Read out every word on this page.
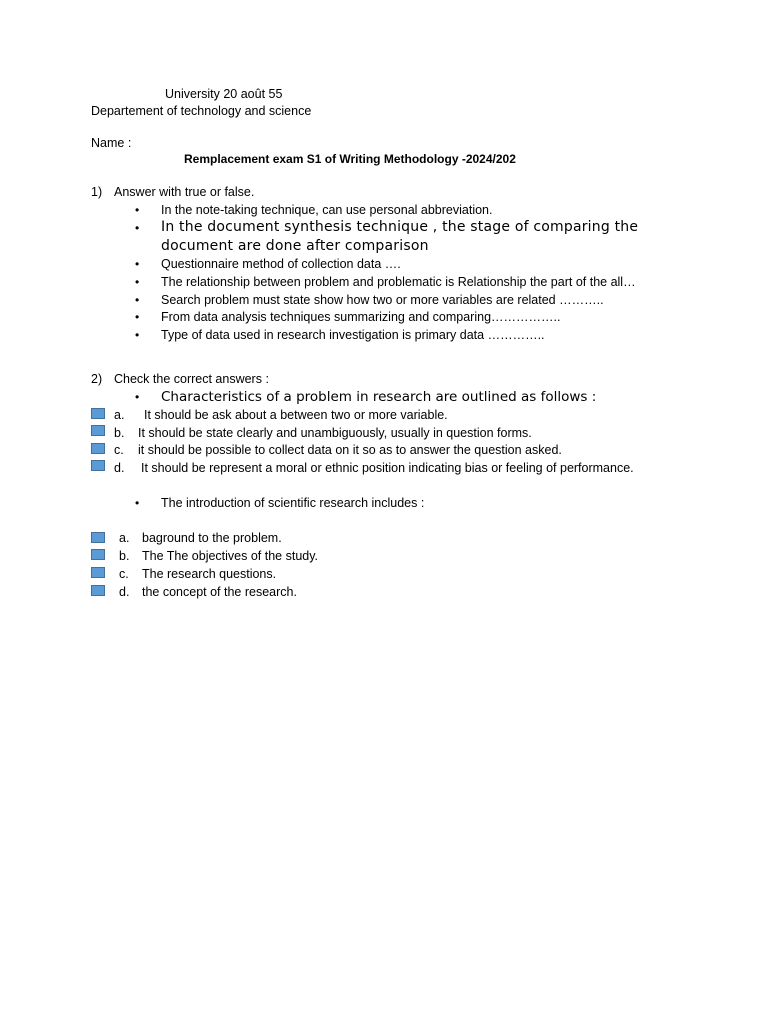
University 20 août 55
Departement of technology and science
Name :
Remplacement exam S1 of Writing Methodology -2024/202
1) Answer with true or false.
• In the note-taking technique, can use personal abbreviation.
• In the document synthesis technique , the stage of comparing the
document are done after comparison
• Questionnaire method of collection data ….
• The relationship between problem and problematic is Relationship the part of the all…
• Search problem must state show how two or more variables are related ………..
• From data analysis techniques summarizing and comparing……………..
• Type of data used in research investigation is primary data …………..
2) Check the correct answers :
• Characteristics of a problem in research are outlined as follows :
a. It should be ask about a between two or more variable.
b. It should be state clearly and unambiguously, usually in question forms.
c. it should be possible to collect data on it so as to answer the question asked.
d. It should be represent a moral or ethnic position indicating bias or feeling of performance.
• The introduction of scientific research includes :
a. baground to the problem.
b. The The objectives of the study.
c. The research questions.
d. the concept of the research.
